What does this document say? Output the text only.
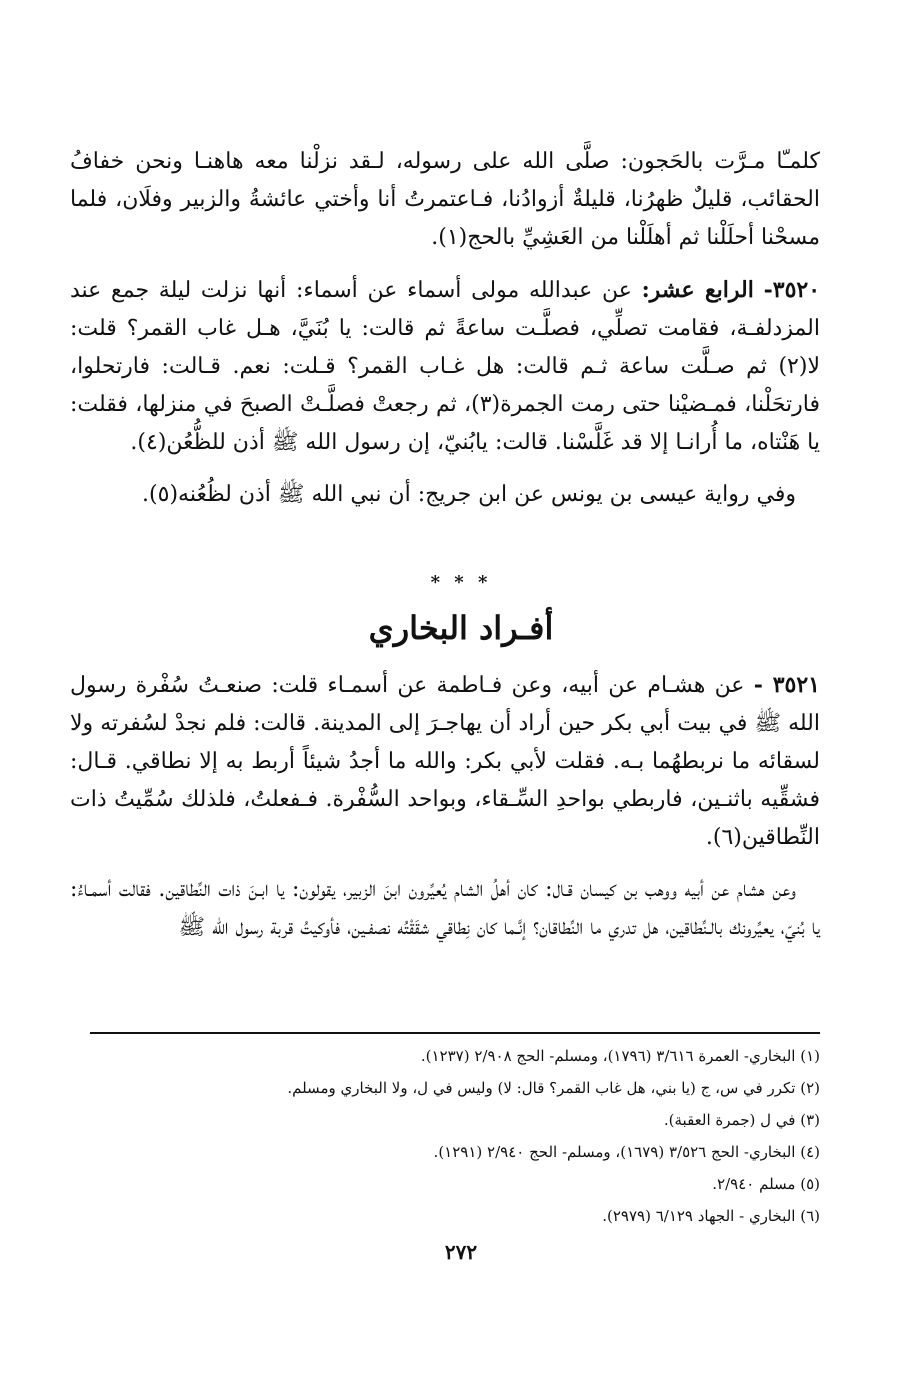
كلمـّا مـرَّت بالحَجون: صلَّى الله على رسوله، لـقد نزلْنا معه هاهنـا ونحن خفافُ الحقائب، قليلٌ ظهرُنا، قليلةٌ أزوادُنا، فـاعتمرتُ أنا وأختي عائشةُ والزبير وفلَان، فلما مسحْنا أحلَلْنا ثم أهلَلْنا من العَشِيِّ بالحج(١).

٣٥٢٠- الرابع عشر: عن عبدالله مولى أسماء عن أسماء: أنها نزلت ليلة جمع عند المزدلفـة، فقامت تصلِّي، فصلَّـت ساعةً ثم قالت: يا بُنَيَّ، هـل غاب القمر؟ قلت: لا(٢) ثم صـلَّت ساعة ثـم قالت: هل غـاب القمر؟ قـلت: نعم. قـالت: فارتحلوا، فارتحَلْنا، فمـضيْنا حتى رمت الجمرة(٣)، ثم رجعتْ فصلَّـتْ الصبحَ في منزلها، فقلت: يا هَنْتاه، ما أُرانـا إلا قد غَلَّسْنا. قالت: يابُنيّ، إن رسول الله ﷺ أذن للظُّعُن(٤).

وفي رواية عيسى بن يونس عن ابن جريج: أن نبي الله ﷺ أذن لظُعُنه(٥).

* * *
أفـراد البخاري

٣٥٢١ - عن هشـام عن أبيه، وعن فـاطمة عن أسمـاء قلت: صنعـتُ سُفْرة رسول الله ﷺ في بيت أبي بكر حين أراد أن يهاجـرَ إلى المدينة. قالت: فلم نجدْ لسُفرته ولا لسقائه ما نربطهُما بـه. فقلت لأبي بكر: والله ما أجدُ شيئاً أربط به إلا نطاقي. قـال: فشقِّيه باثنـين، فاربطي بواحدِ السِّـقاء، وبواحد السُّفْرة. فـفعلتُ، فلذلك سُمِّيتُ ذات النِّطاقين(٦).

وعن هشام عن أبيه ووهب بن كيسان قـال: كان أهلُ الشام يُعيِّرون ابنَ الزبير، يقولون: يا ابـنَ ذات النِّطاقين. فقالت أسمـاءُ: يا بُنيّ، يعيِّرونك بالـنِّطاقين، هل تدري ما النِّطاقان؟ إنَّـما كان نِطاقي شقَقْتُه نصفـين، فأوكيتُ قربة رسول الله ﷺ

(١) البخاري- العمرة ٣/٦١٦ (١٧٩٦)، ومسلم- الحج ٢/٩٠٨ (١٢٣٧).

(٢) تكرر في س، ج (يا بني، هل غاب القمر؟ قال: لا) وليس في ل، ولا البخاري ومسلم.

(٣) في ل (جمرة العقبة).

(٤) البخاري- الحج ٣/٥٢٦ (١٦٧٩)، ومسلم- الحج ٢/٩٤٠ (١٢٩١).

(٥) مسلم ٢/٩٤٠.

(٦) البخاري - الجهاد ٦/١٢٩ (٢٩٧٩).

٢٧٢
